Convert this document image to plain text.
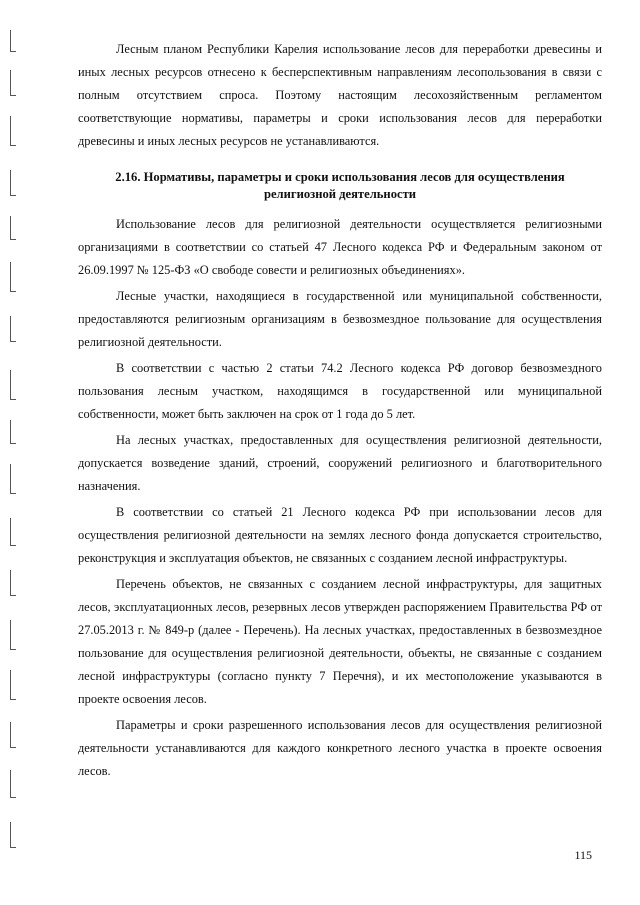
Лесным планом Республики Карелия использование лесов для переработки древесины и иных лесных ресурсов отнесено к бесперспективным направлениям лесопользования в связи с полным отсутствием спроса. Поэтому настоящим лесохозяйственным регламентом соответствующие нормативы, параметры и сроки использования лесов для переработки древесины и иных лесных ресурсов не устанавливаются.

2.16. Нормативы, параметры и сроки использования лесов для осуществления религиозной деятельности

Использование лесов для религиозной деятельности осуществляется религиозными организациями в соответствии со статьей 47 Лесного кодекса РФ и Федеральным законом от 26.09.1997 № 125-ФЗ «О свободе совести и религиозных объединениях».

Лесные участки, находящиеся в государственной или муниципальной собственности, предоставляются религиозным организациям в безвозмездное пользование для осуществления религиозной деятельности.

В соответствии с частью 2 статьи 74.2 Лесного кодекса РФ договор безвозмездного пользования лесным участком, находящимся в государственной или муниципальной собственности, может быть заключен на срок от 1 года до 5 лет.

На лесных участках, предоставленных для осуществления религиозной деятельности, допускается возведение зданий, строений, сооружений религиозного и благотворительного назначения.

В соответствии со статьей 21 Лесного кодекса РФ при использовании лесов для осуществления религиозной деятельности на землях лесного фонда допускается строительство, реконструкция и эксплуатация объектов, не связанных с созданием лесной инфраструктуры.

Перечень объектов, не связанных с созданием лесной инфраструктуры, для защитных лесов, эксплуатационных лесов, резервных лесов утвержден распоряжением Правительства РФ от 27.05.2013 г. № 849-р (далее - Перечень). На лесных участках, предоставленных в безвозмездное пользование для осуществления религиозной деятельности, объекты, не связанные с созданием лесной инфраструктуры (согласно пункту 7 Перечня), и их местоположение указываются в проекте освоения лесов.

Параметры и сроки разрешенного использования лесов для осуществления религиозной деятельности устанавливаются для каждого конкретного лесного участка в проекте освоения лесов.

115
